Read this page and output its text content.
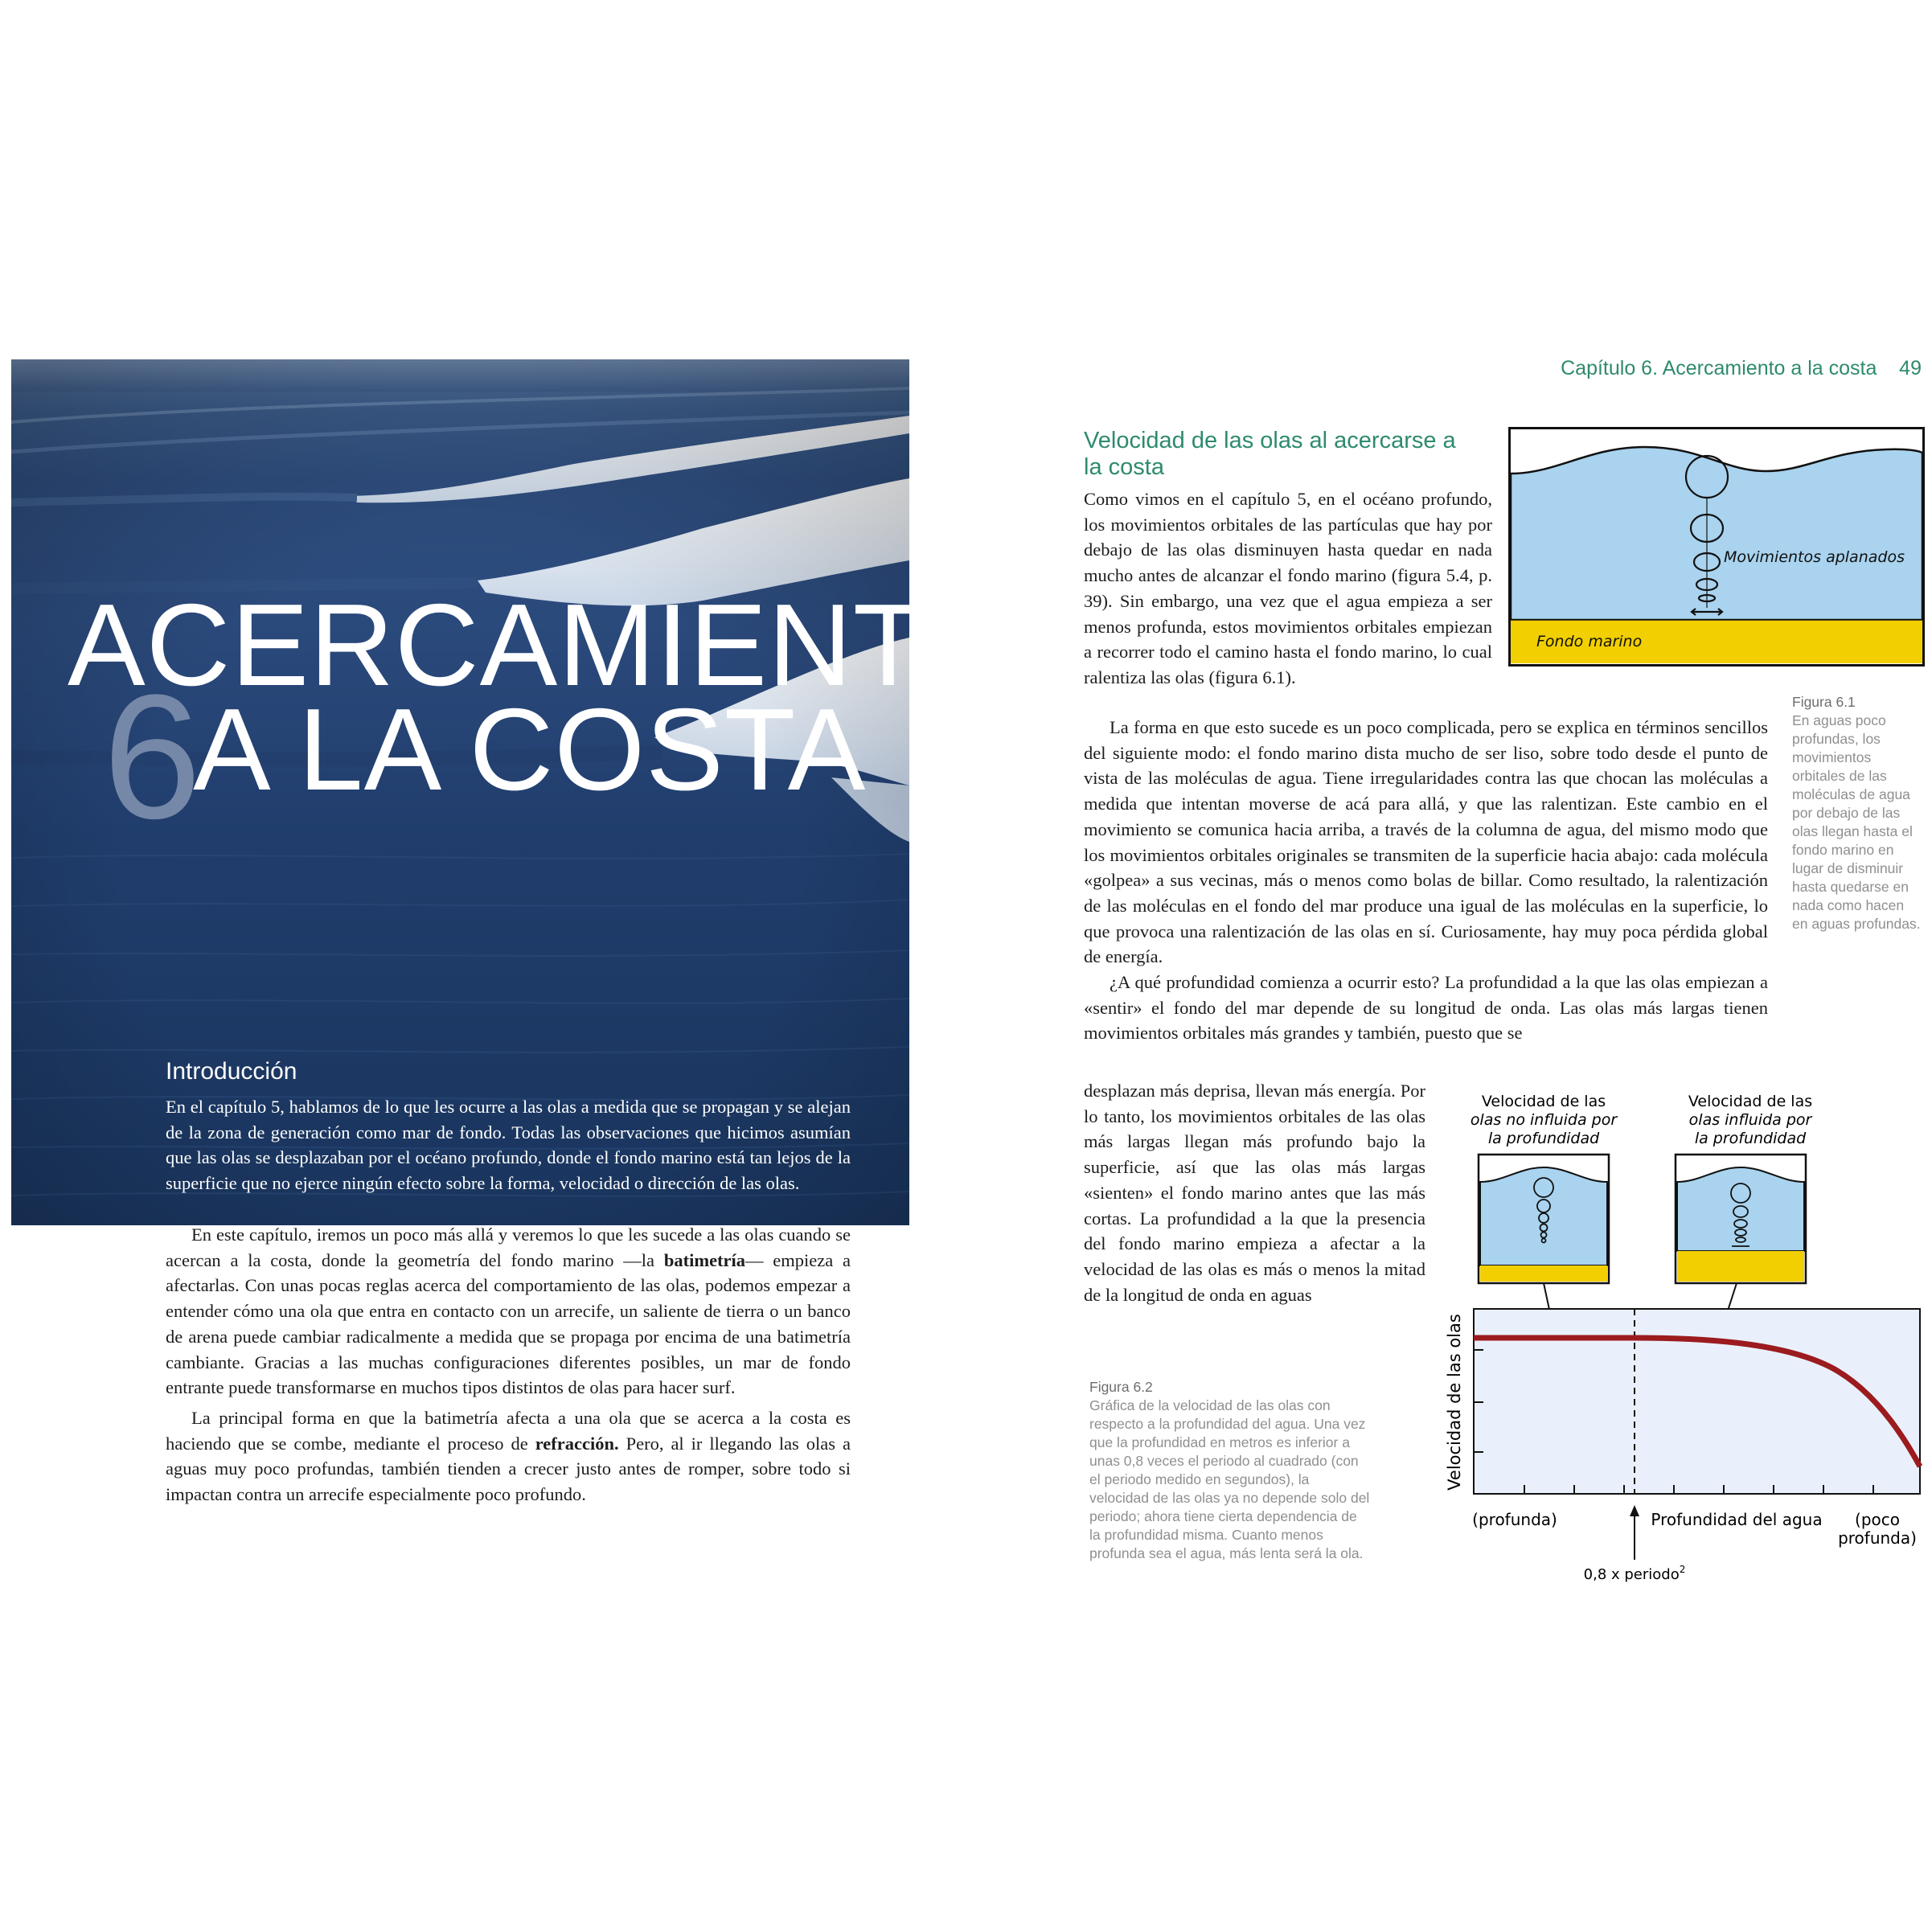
6
ACERCAMIENTO
A LA COSTA
Introducción

En el capítulo 5, hablamos de lo que les ocurre a las olas a medida que se propagan y se alejan de la zona de generación como mar de fondo. Todas las observaciones que hicimos asumían que las olas se desplazaban por el océano profundo, donde el fondo marino está tan lejos de la superficie que no ejerce ningún efecto sobre la forma, velocidad o dirección de las olas.

En este capítulo, iremos un poco más allá y veremos lo que les sucede a las olas cuando se acercan a la costa, donde la geometría del fondo marino —la batimetría— empieza a afectarlas. Con unas pocas reglas acerca del comportamiento de las olas, podemos empezar a entender cómo una ola que entra en contacto con un arrecife, un saliente de tierra o un banco de arena puede cambiar radicalmente a medida que se propaga por encima de una batimetría cambiante. Gracias a las muchas configuraciones diferentes posibles, un mar de fondo entrante puede transformarse en muchos tipos distintos de olas para hacer surf.

La principal forma en que la batimetría afecta a una ola que se acerca a la costa es haciendo que se combe, mediante el proceso de refracción. Pero, al ir llegando las olas a aguas muy poco profundas, también tienden a crecer justo antes de romper, sobre todo si impactan contra un arrecife especialmente poco profundo.

Capítulo 6. Acercamiento a la costa    49
Velocidad de las olas al acercarse a la costa

Como vimos en el capítulo 5, en el océano profundo, los movimientos orbitales de las partículas que hay por debajo de las olas disminuyen hasta quedar en nada mucho antes de alcanzar el fondo marino (figura 5.4, p. 39). Sin embargo, una vez que el agua empieza a ser menos profunda, estos movimientos orbitales empiezan a recorrer todo el camino hasta el fondo marino, lo cual ralentiza las olas (figura 6.1).

La forma en que esto sucede es un poco complicada, pero se explica en términos sencillos del siguiente modo: el fondo marino dista mucho de ser liso, sobre todo desde el punto de vista de las moléculas de agua. Tiene irregularidades contra las que chocan las moléculas a medida que intentan moverse de acá para allá, y que las ralentizan. Este cambio en el movimiento se comunica hacia arriba, a través de la columna de agua, del mismo modo que los movimientos orbitales originales se transmiten de la superficie hacia abajo: cada molécula «golpea» a sus vecinas, más o menos como bolas de billar. Como resultado, la ralentización de las moléculas en el fondo del mar produce una igual de las moléculas en la superficie, lo que provoca una ralentización de las olas en sí. Curiosamente, hay muy poca pérdida global de energía.

¿A qué profundidad comienza a ocurrir esto? La profundidad a la que las olas empiezan a «sentir» el fondo del mar depende de su longitud de onda. Las olas más largas tienen movimientos orbitales más grandes y también, puesto que se

desplazan más deprisa, llevan más energía. Por lo tanto, los movimientos orbitales de las olas más largas llegan más profundo bajo la superficie, así que las olas más largas «sienten» el fondo marino antes que las más cortas. La profundidad a la que la presencia del fondo marino empieza a afectar a la velocidad de las olas es más o menos la mitad de la longitud de onda en aguas

Movimientos aplanados
Fondo marino
Figura 6.1
En aguas poco profundas, los movimientos orbitales de las moléculas de agua por debajo de las olas llegan hasta el fondo marino en lugar de disminuir hasta quedarse en nada como hacen en aguas profundas.
Velocidad de las
olas no influida por
la profundidad
Velocidad de las
olas influida por
la profundidad
Velocidad de las olas
(profunda)	Profundidad del agua (poco
profunda)
0,8 x periodo$^2$
Figura 6.2
Gráfica de la velocidad de las olas con respecto a la profundidad del agua. Una vez que la profundidad en metros es inferior a unas 0,8 veces el periodo al cuadrado (con el periodo medido en segundos), la velocidad de las olas ya no depende solo del periodo; ahora tiene cierta dependencia de la profundidad misma. Cuanto menos profunda sea el agua, más lenta será la ola.
